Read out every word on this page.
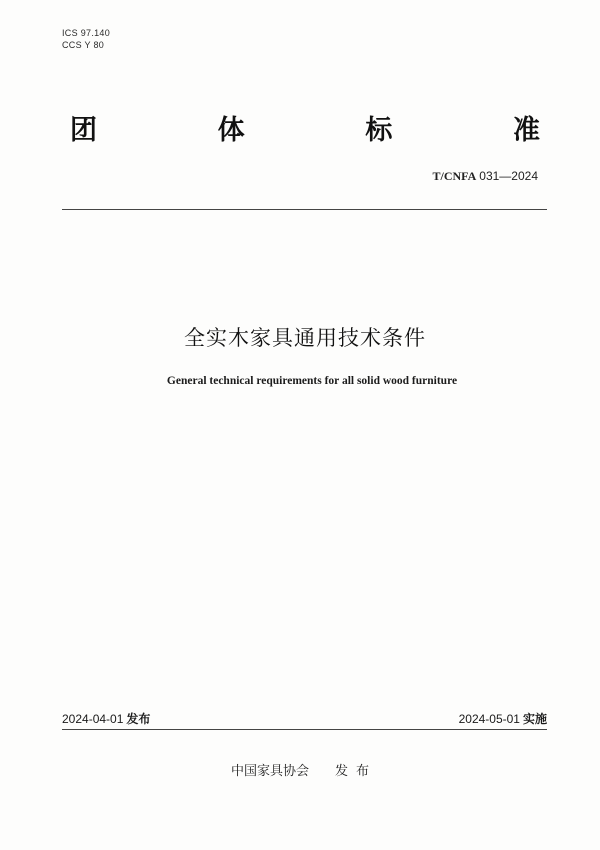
ICS 97.140
CCS Y 80
团	体	标	准
T/CNFA 031—2024
全实木家具通用技术条件
General technical requirements for all solid wood furniture
2024-04-01 发布	2024-05-01 实施
中国家具协会 发布
